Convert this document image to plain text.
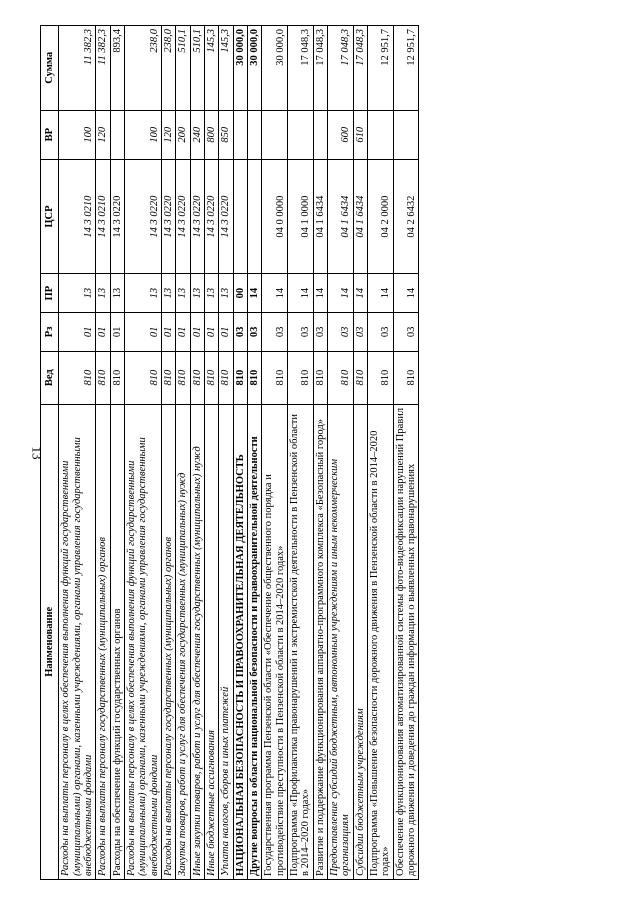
13
Наименование	Вед	Рз	ПР	ЦСР	ВР	Сумма
Расходы на выплаты персоналу в целях обеспечения выполнения функций государственными (муниципальными) органами, казенными учреждениями, органами управления государственными внебюджетными фондами	810	01	13	14 3 0210	100	11 382,3
Расходы на выплаты персоналу государственных (муниципальных) органов	810	01	13	14 3 0210	120	11 382,3
Расходы на обеспечение функций государственных органов	810	01	13	14 3 0220		893,4
Расходы на выплаты персоналу в целях обеспечения выполнения функций государственными (муниципальными) органами, казенными учреждениями, органами управления государственными внебюджетными фондами	810	01	13	14 3 0220	100	238,0
Расходы на выплаты персоналу государственных (муниципальных) органов	810	01	13	14 3 0220	120	238,0
Закупка товаров, работ и услуг для обеспечения государственных (муниципальных) нужд	810	01	13	14 3 0220	200	510,1
Иные закупки товаров, работ и услуг для обеспечения государственных (муниципальных) нужд	810	01	13	14 3 0220	240	510,1
Иные бюджетные ассигнования	810	01	13	14 3 0220	800	145,3
Уплата налогов, сборов и иных платежей	810	01	13	14 3 0220	850	145,3
НАЦИОНАЛЬНАЯ БЕЗОПАСНОСТЬ И ПРАВООХРАНИТЕЛЬНАЯ ДЕЯТЕЛЬНОСТЬ	810	03	00			30 000,0
Другие вопросы в области национальной безопасности и правоохранительной деятельности	810	03	14			30 000,0
Государственная программа Пензенской области «Обеспечение общественного порядка и противодействие преступности в Пензенской области в 2014–2020 годах»	810	03	14	04 0 0000		30 000,0
Подпрограмма «Профилактика правонарушений и экстремистской деятельности в Пензенской области в 2014–2020 годах»	810	03	14	04 1 0000		17 048,3
Развитие и поддержание функционирования аппаратно-программного комплекса «Безопасный город»	810	03	14	04 1 6434		17 048,3
Предоставление субсидий бюджетным, автономным учреждениям и иным некоммерческим организациям	810	03	14	04 1 6434	600	17 048,3
Субсидии бюджетным учреждениям	810	03	14	04 1 6434	610	17 048,3
Подпрограмма «Повышение безопасности дорожного движения в Пензенской области в 2014–2020 годах»	810	03	14	04 2 0000		12 951,7
Обеспечение функционирования автоматизированной системы фото-видеофиксации нарушений Правил дорожного движения и доведения до граждан информации о выявленных правонарушениях	810	03	14	04 2 6432		12 951,7
